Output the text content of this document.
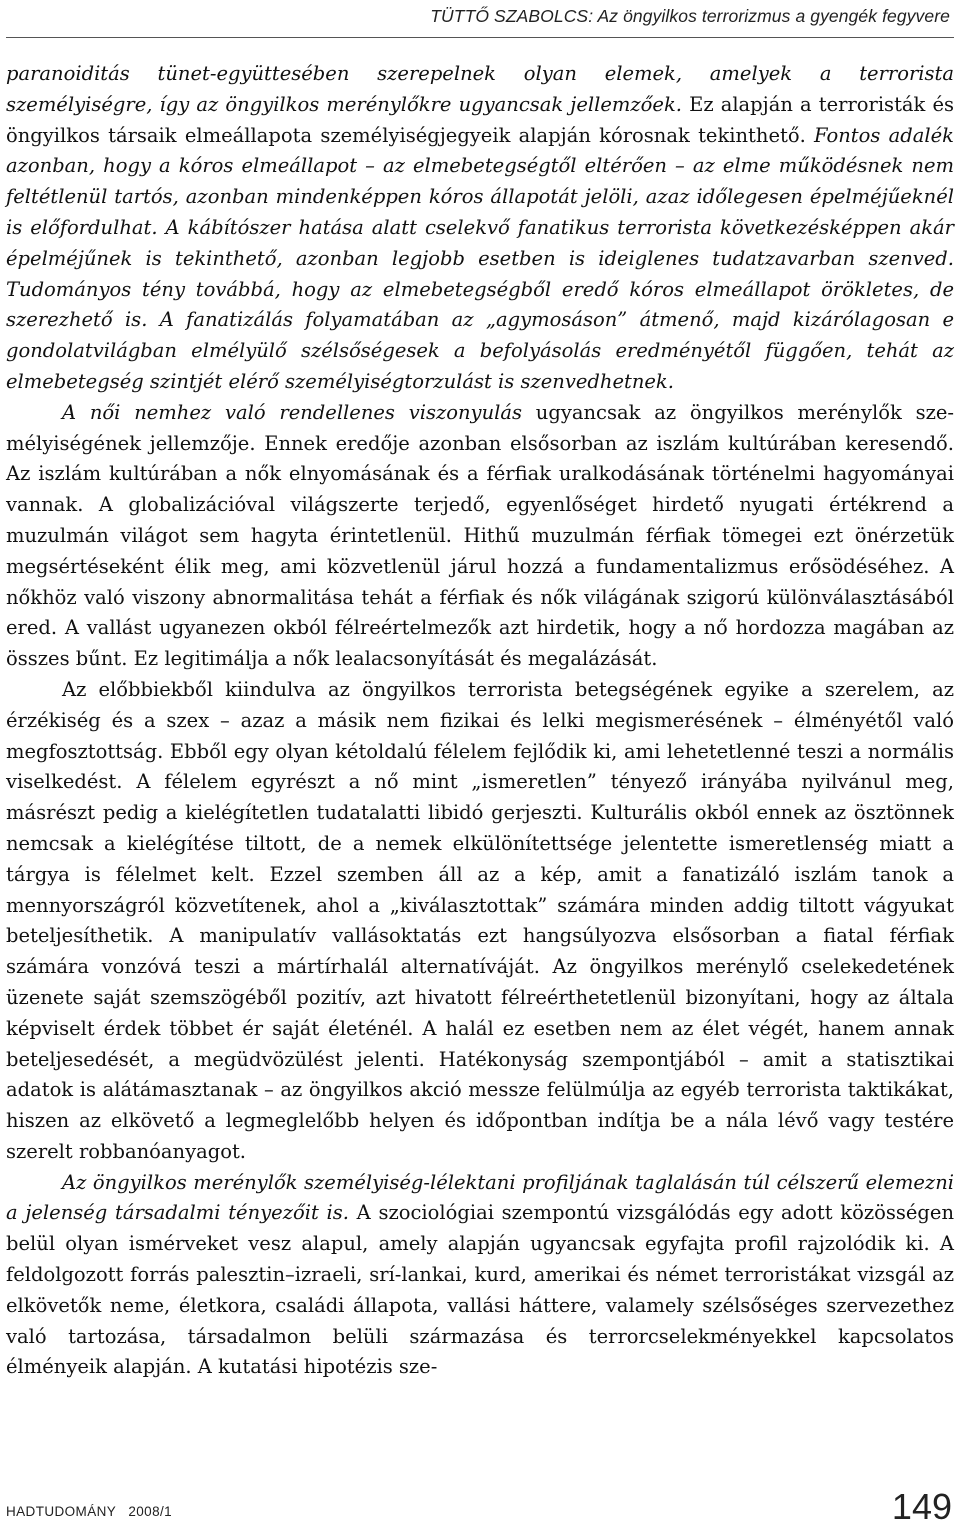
TÜTTŐ SZABOLCS: Az öngyilkos terrorizmus a gyengék fegyvere

paranoiditás tünet-együttesében szerepelnek olyan elemek, amelyek a terrorista személyiségre, így az öngyilkos merénylőkre ugyancsak jellemzőek. Ez alapján a terroristák és öngyilkos társaik elmeállapota személyiségjegyeik alapján kórosnak tekinthető. Fontos adalék azonban, hogy a kóros elmeállapot – az elmebetegségtől eltérően – az elme működésnek nem feltétlenül tartós, azonban mindenképpen kóros állapotát jelöli, azaz időlegesen épelméjűeknél is előfordulhat. A kábítószer hatása alatt cselekvő fanatikus terrorista következésképpen akár épelméjűnek is tekinthető, azonban legjobb esetben is ideiglenes tudatzavarban szenved. Tudományos tény továbbá, hogy az elmebetegségből eredő kóros elmeállapot örökletes, de szerezhető is. A fanatizálás folyamatában az „agymosáson” átmenő, majd kizárólagosan e gondolatvilágban elmélyülő szélsőségesek a befolyásolás eredményétől függően, tehát az elmebetegség szintjét elérő személyiségtorzulást is szenvedhetnek.

A női nemhez való rendellenes viszonyulás ugyancsak az öngyilkos merénylők személyiségének jellemzője. Ennek eredője azonban elsősorban az iszlám kultúrában keresendő. Az iszlám kultúrában a nők elnyomásának és a férfiak uralkodásának történelmi hagyományai vannak. A globalizációval világszerte terjedő, egyenlőséget hirdető nyugati értékrend a muzulmán világot sem hagyta érintetlenül. Hithű muzulmán férfiak tömegei ezt önérzetük megsértéseként élik meg, ami közvetlenül járul hozzá a fundamentalizmus erősödéséhez. A nőkhöz való viszony abnormalitása tehát a férfiak és nők világának szigorú különválasztásából ered. A vallást ugyanezen okból félreértelmezők azt hirdetik, hogy a nő hordozza magában az összes bűnt. Ez legitimálja a nők lealacsonyítását és megalázását.

Az előbbiekből kiindulva az öngyilkos terrorista betegségének egyike a szerelem, az érzékiség és a szex – azaz a másik nem fizikai és lelki megismerésének – élményétől való megfosztottság. Ebből egy olyan kétoldalú félelem fejlődik ki, ami lehetetlenné teszi a normális viselkedést. A félelem egyrészt a nő mint „ismeretlen” tényező irányába nyilvánul meg, másrészt pedig a kielégítetlen tudatalatti libidó gerjeszti. Kulturális okból ennek az ösztönnek nemcsak a kielégítése tiltott, de a nemek elkülönítettsége jelentette ismeretlenség miatt a tárgya is félelmet kelt. Ezzel szemben áll az a kép, amit a fanatizáló iszlám tanok a mennyországról közvetítenek, ahol a „kiválasztottak” számára minden addig tiltott vágyukat beteljesíthetik. A manipulatív vallásoktatás ezt hangsúlyozva elsősorban a fiatal férfiak számára vonzóvá teszi a mártírhalál alternatíváját. Az öngyilkos merénylő cselekedetének üzenete saját szemszögéből pozitív, azt hivatott félreérthetetlenül bizonyítani, hogy az általa képviselt érdek többet ér saját életénél. A halál ez esetben nem az élet végét, hanem annak beteljesedését, a megüdvözülést jelenti. Hatékonyság szempontjából – amit a statisztikai adatok is alátámasztanak – az öngyilkos akció messze felülmúlja az egyéb terrorista taktikákat, hiszen az elkövető a legmeglelőbb helyen és időpontban indítja be a nála lévő vagy testére szerelt robbanóanyagot.

Az öngyilkos merénylők személyiség-lélektani profiljának taglalásán túl célszerű elemezni a jelenség társadalmi tényezőit is. A szociológiai szempontú vizsgálódás egy adott közösségen belül olyan ismérveket vesz alapul, amely alapján ugyancsak egyfajta profil rajzolódik ki. A feldolgozott forrás palesztin–izraeli, srí-lankai, kurd, amerikai és német terroristákat vizsgál az elkövetők neme, életkora, családi állapota, vallási háttere, valamely szélsőséges szervezethez való tartozása, társadalmon belüli származása és terrorcselekményekkel kapcsolatos élményeik alapján. A kutatási hipotézis sze-

HADTUDOMÁNY   2008/1	149
